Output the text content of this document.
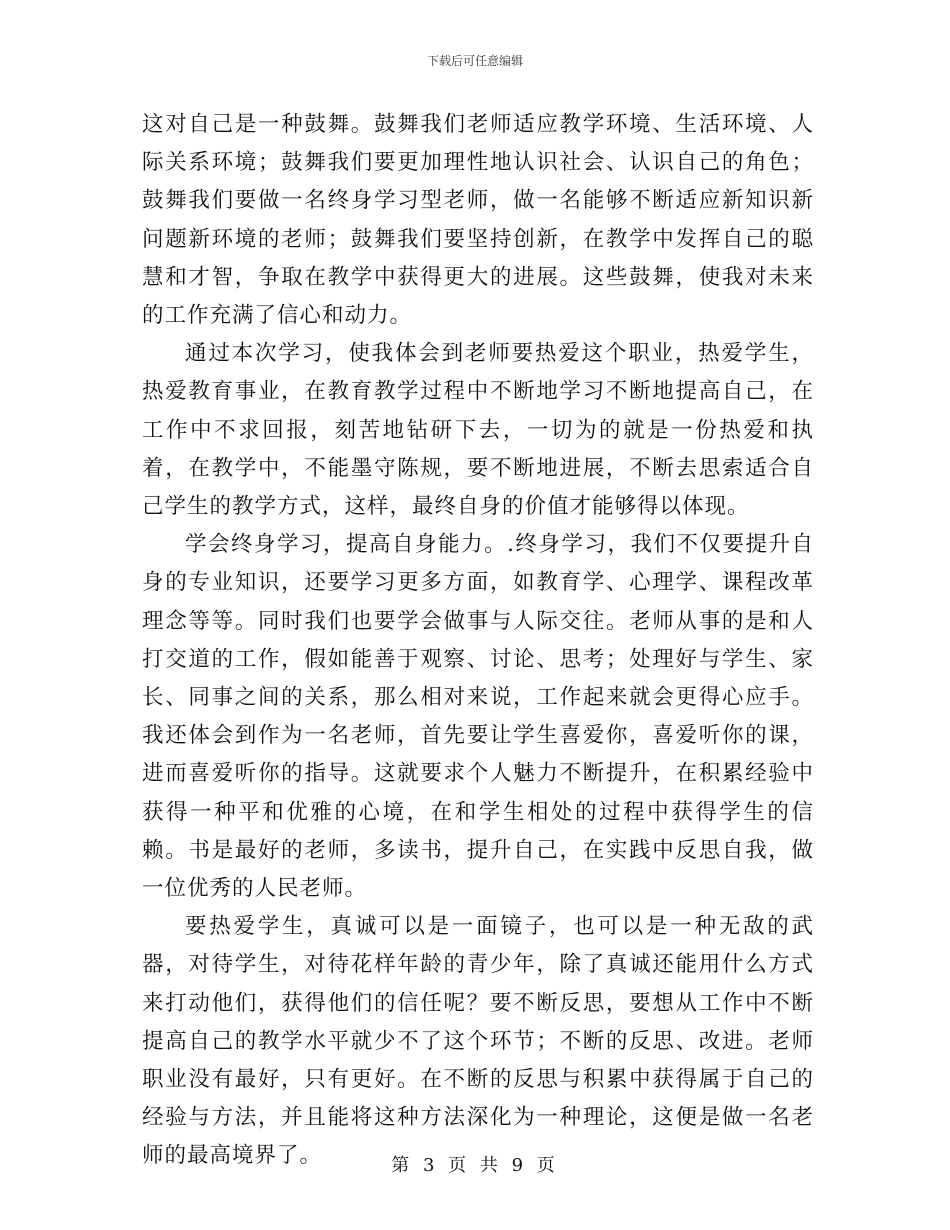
下载后可任意编辑

这对自己是一种鼓舞。鼓舞我们老师适应教学环境、生活环境、人际关系环境；鼓舞我们要更加理性地认识社会、认识自己的角色；鼓舞我们要做一名终身学习型老师，做一名能够不断适应新知识新问题新环境的老师；鼓舞我们要坚持创新，在教学中发挥自己的聪慧和才智，争取在教学中获得更大的进展。这些鼓舞，使我对未来的工作充满了信心和动力。

通过本次学习，使我体会到老师要热爱这个职业，热爱学生，热爱教育事业，在教育教学过程中不断地学习不断地提高自己，在工作中不求回报，刻苦地钻研下去，一切为的就是一份热爱和执着，在教学中，不能墨守陈规，要不断地进展，不断去思索适合自己学生的教学方式，这样，最终自身的价值才能够得以体现。

学会终身学习，提高自身能力。.终身学习，我们不仅要提升自身的专业知识，还要学习更多方面，如教育学、心理学、课程改革理念等等。同时我们也要学会做事与人际交往。老师从事的是和人打交道的工作，假如能善于观察、讨论、思考；处理好与学生、家长、同事之间的关系，那么相对来说，工作起来就会更得心应手。我还体会到作为一名老师，首先要让学生喜爱你，喜爱听你的课，进而喜爱听你的指导。这就要求个人魅力不断提升，在积累经验中获得一种平和优雅的心境，在和学生相处的过程中获得学生的信赖。书是最好的老师，多读书，提升自己，在实践中反思自我，做一位优秀的人民老师。

要热爱学生，真诚可以是一面镜子，也可以是一种无敌的武器，对待学生，对待花样年龄的青少年，除了真诚还能用什么方式来打动他们，获得他们的信任呢？要不断反思，要想从工作中不断提高自己的教学水平就少不了这个环节；不断的反思、改进。老师职业没有最好，只有更好。在不断的反思与积累中获得属于自己的经验与方法，并且能将这种方法深化为一种理论，这便是做一名老师的最高境界了。	第 3 页 共 9 页
